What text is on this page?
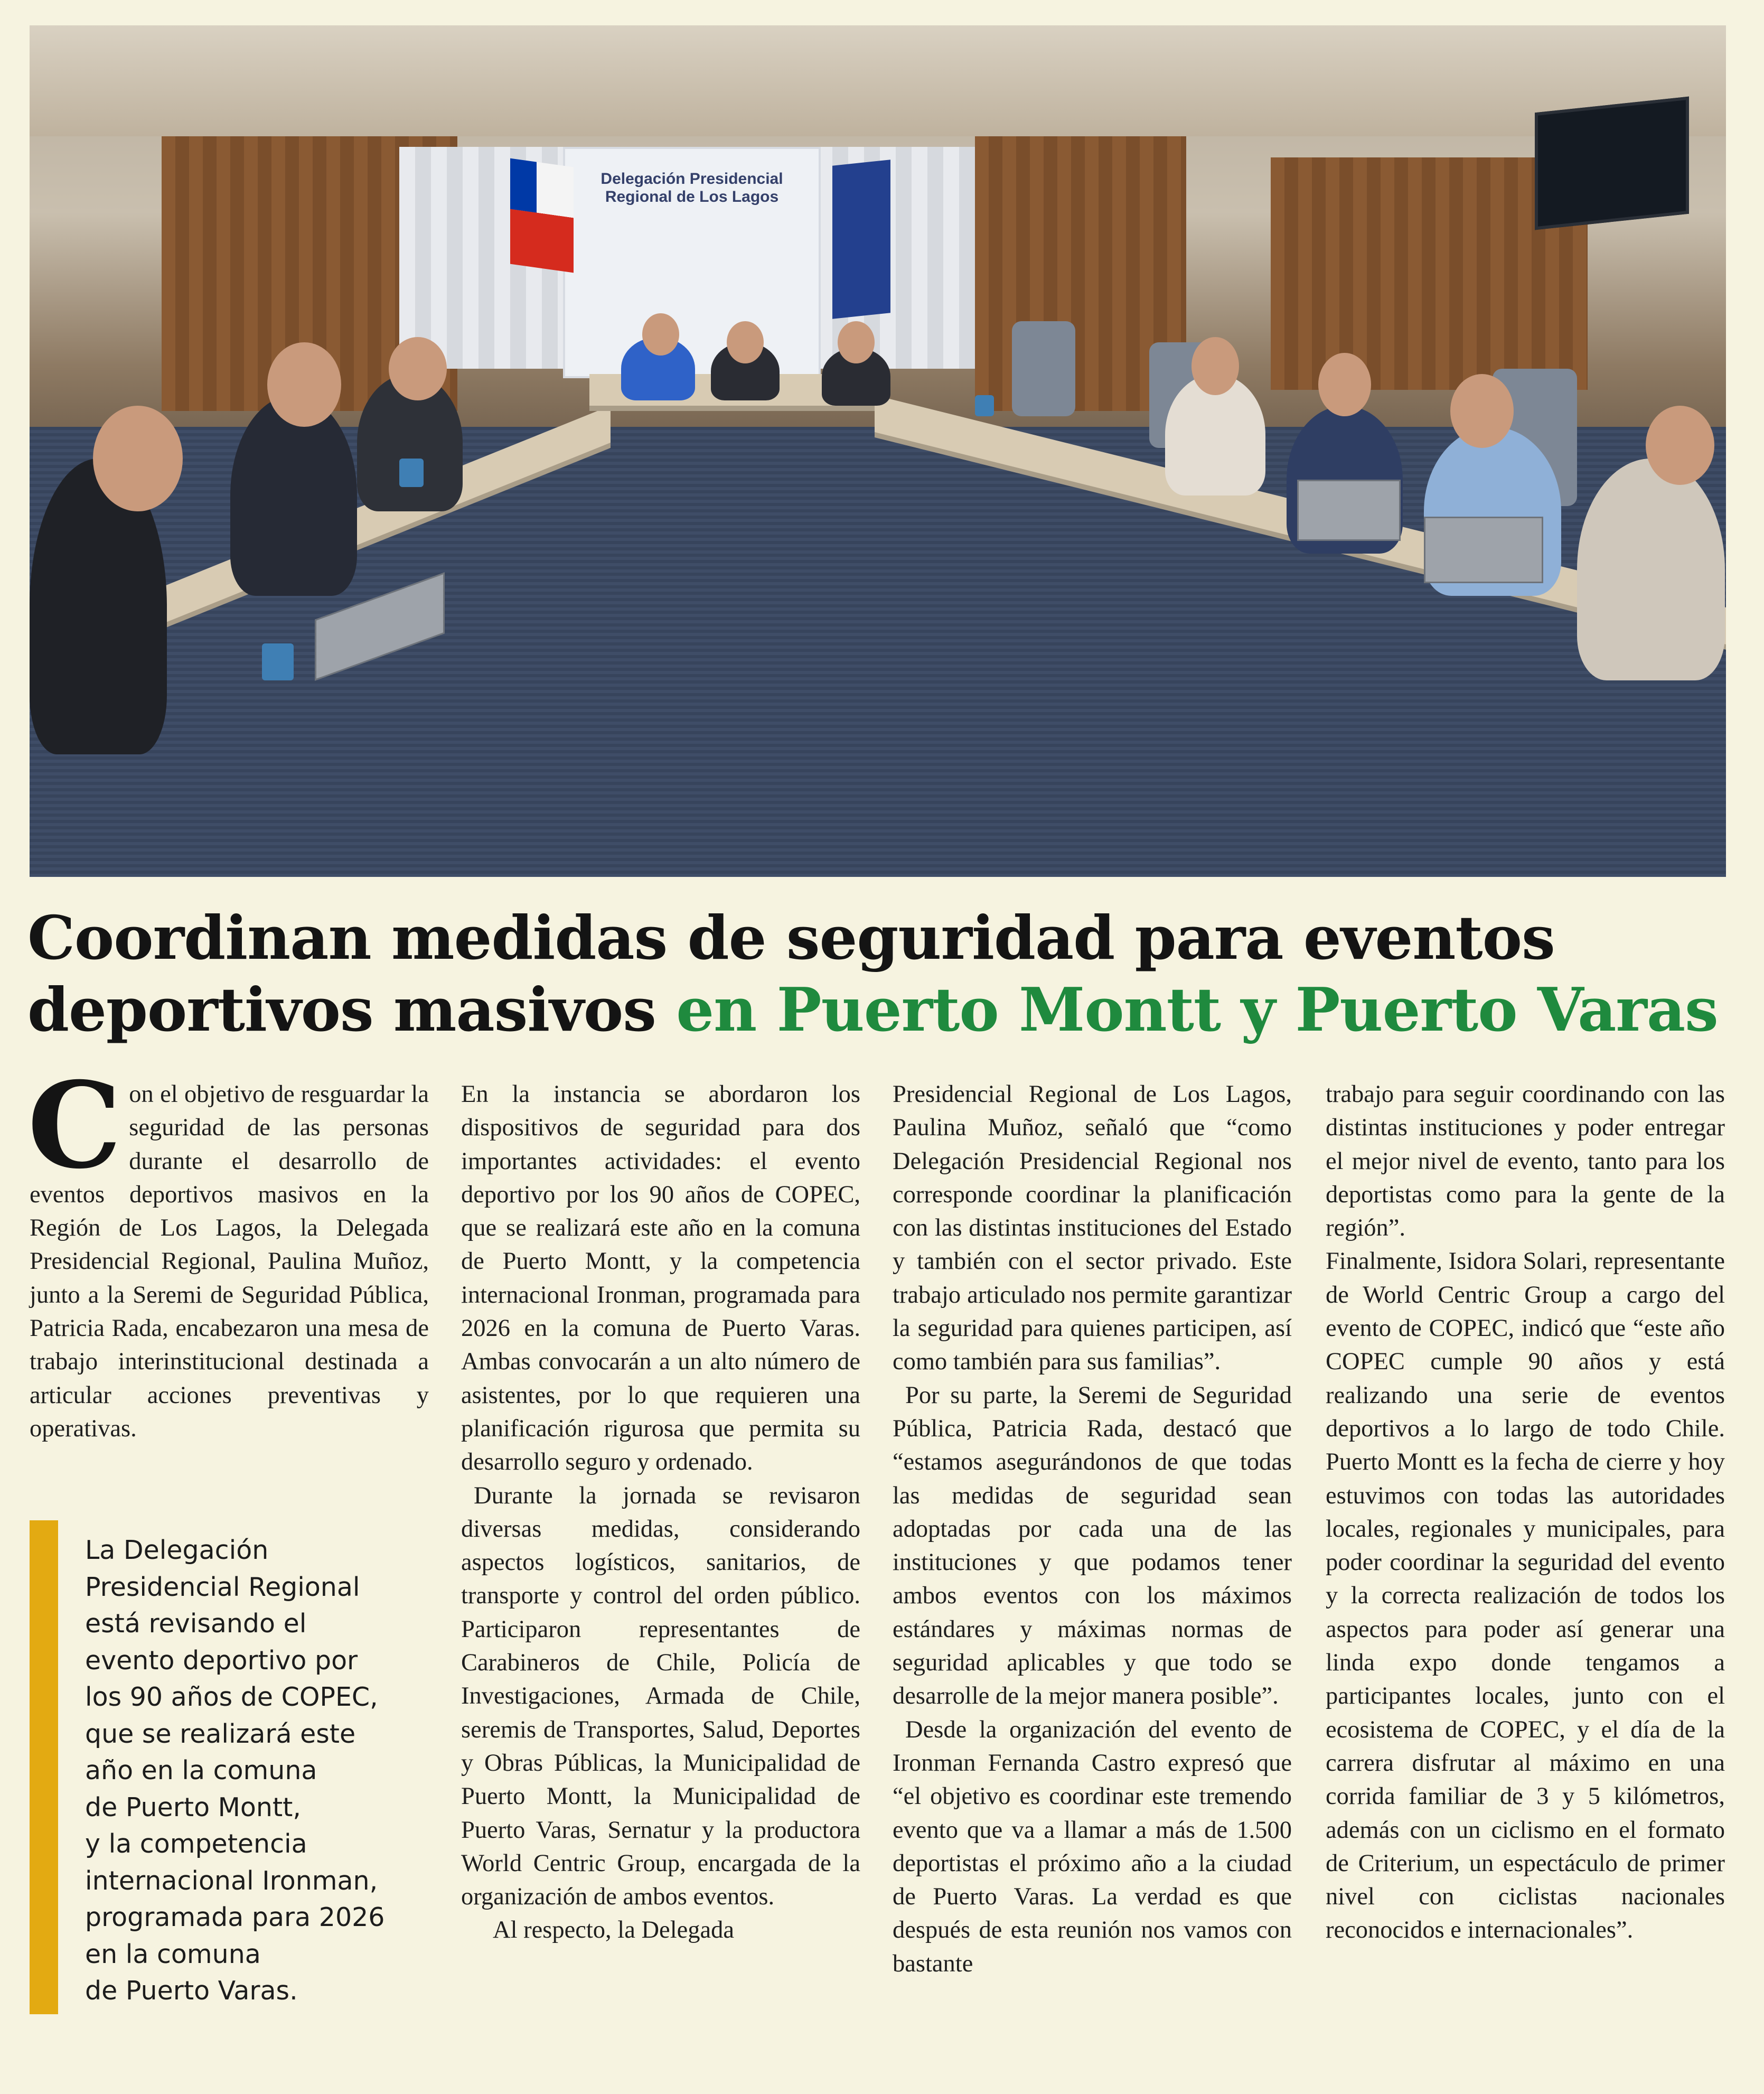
Delegación Presidencial Regional de Los Lagos
Coordinan medidas de seguridad para eventos
deportivos masivos en Puerto Montt y Puerto Varas

Con el objetivo de resguardar la seguridad de las personas durante el desarrollo de eventos deportivos masivos en la Región de Los Lagos, la Delegada Presidencial Regional, Paulina Muñoz, junto a la Seremi de Seguridad Pública, Patricia Rada, encabezaron una mesa de trabajo interinstitucional destinada a articular acciones preventivas y operativas.

La Delegación
Presidencial Regional
está revisando el
evento deportivo por
los 90 años de COPEC,
que se realizará este
año en la comuna
de Puerto Montt,
y la competencia
internacional Ironman,
programada para 2026
en la comuna
de Puerto Varas.

En la instancia se abordaron los dispositivos de seguridad para dos importantes actividades: el evento deportivo por los 90 años de COPEC, que se realizará este año en la comuna de Puerto Montt, y la competencia internacional Ironman, programada para 2026 en la comuna de Puerto Varas. Ambas convocarán a un alto número de asistentes, por lo que requieren una planificación rigurosa que permita su desarrollo seguro y ordenado.

Durante la jornada se revisaron diversas medidas, considerando aspectos logísticos, sanitarios, de transporte y control del orden público. Participaron representantes de Carabineros de Chile, Policía de Investigaciones, Armada de Chile, seremis de Transportes, Salud, Deportes y Obras Públicas, la Municipalidad de Puerto Montt, la Municipalidad de Puerto Varas, Sernatur y la productora World Centric Group, encargada de la organización de ambos eventos.

Al respecto, la Delegada

Presidencial Regional de Los Lagos, Paulina Muñoz, señaló que “como Delegación Presidencial Regional nos corresponde coordinar la planificación con las distintas instituciones del Estado y también con el sector privado. Este trabajo articulado nos permite garantizar la seguridad para quienes participen, así como también para sus familias”.

Por su parte, la Seremi de Seguridad Pública, Patricia Rada, destacó que “estamos asegurándonos de que todas las medidas de seguridad sean adoptadas por cada una de las instituciones y que podamos tener ambos eventos con los máximos estándares y máximas normas de seguridad aplicables y que todo se desarrolle de la mejor manera posible”.

Desde la organización del evento de Ironman Fernanda Castro expresó que “el objetivo es coordinar este tremendo evento que va a llamar a más de 1.500 deportistas el próximo año a la ciudad de Puerto Varas. La verdad es que después de esta reunión nos vamos con bastante

trabajo para seguir coordinando con las distintas instituciones y poder entregar el mejor nivel de evento, tanto para los deportistas como para la gente de la región”.

Finalmente, Isidora Solari, representante de World Centric Group a cargo del evento de COPEC, indicó que “este año COPEC cumple 90 años y está realizando una serie de eventos deportivos a lo largo de todo Chile. Puerto Montt es la fecha de cierre y hoy estuvimos con todas las autoridades locales, regionales y municipales, para poder coordinar la seguridad del evento y la correcta realización de todos los aspectos para poder así generar una linda expo donde tengamos a participantes locales, junto con el ecosistema de COPEC, y el día de la carrera disfrutar al máximo en una corrida familiar de 3 y 5 kilómetros, además con un ciclismo en el formato de Criterium, un espectáculo de primer nivel con ciclistas nacionales reconocidos e internacionales”.
